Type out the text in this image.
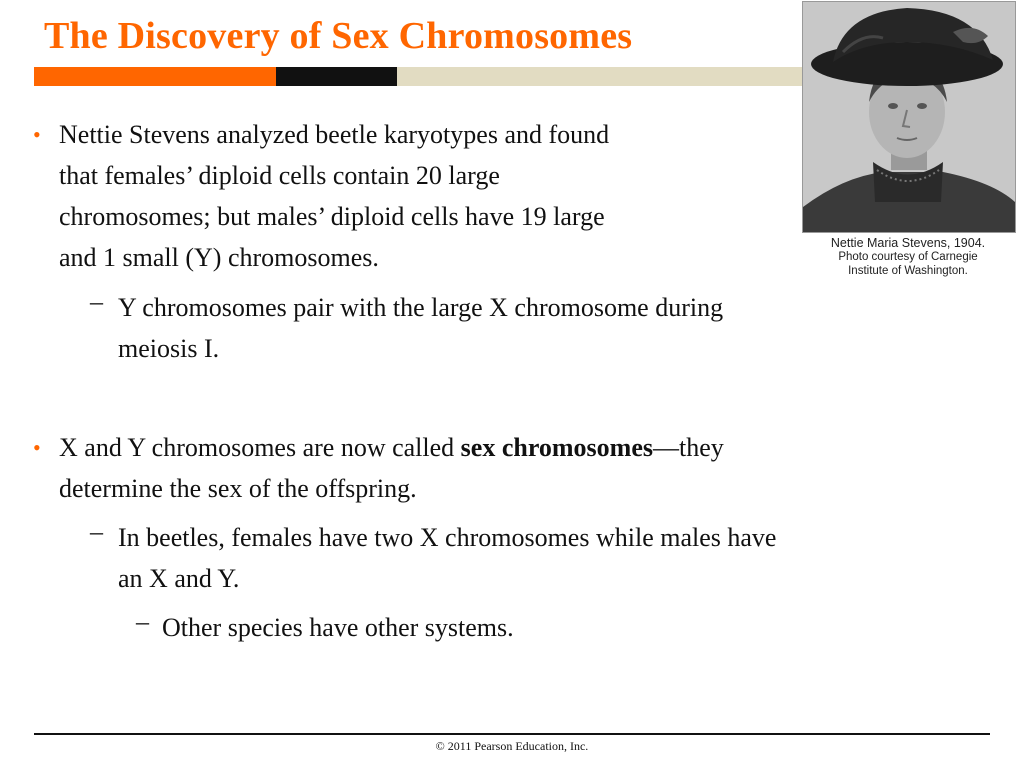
The Discovery of Sex Chromosomes
Nettie Maria Stevens, 1904.
Photo courtesy of Carnegie
Institute of Washington.
• Nettie Stevens analyzed beetle karyotypes and found
that females’ diploid cells contain 20 large
chromosomes; but males’ diploid cells have 19 large
and 1 small (Y) chromosomes.
– Y chromosomes pair with the large X chromosome during
meiosis I.
• X and Y chromosomes are now called sex chromosomes—they
determine the sex of the offspring.
– In beetles, females have two X chromosomes while males have
an X and Y.
– Other species have other systems.
© 2011 Pearson Education, Inc.
